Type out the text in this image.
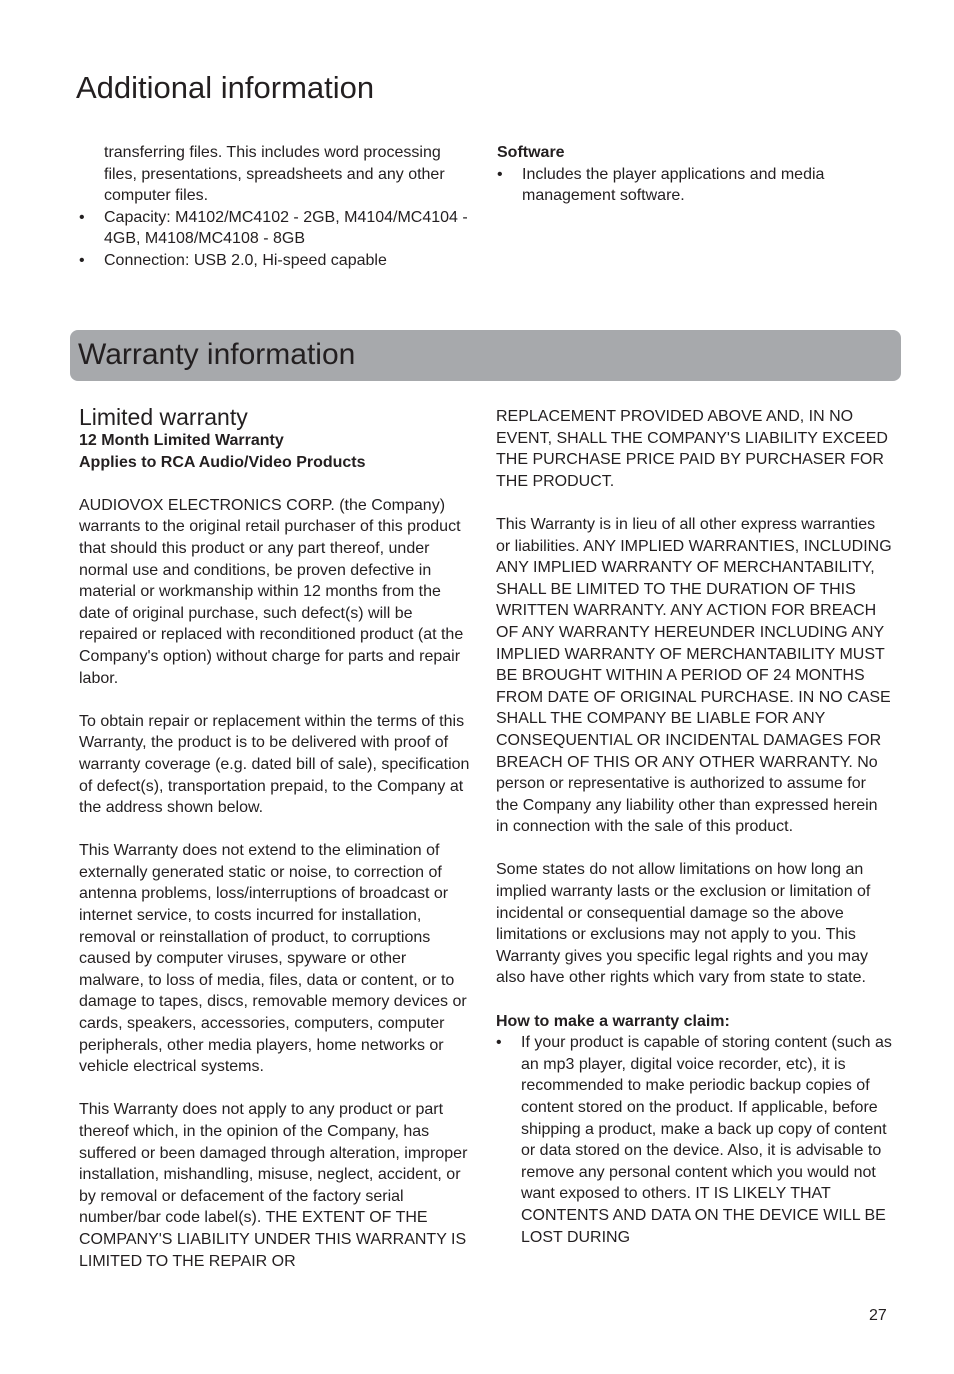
Additional information

transferring files. This includes word processing files, presentations, spreadsheets and any other computer files.

• Capacity: M4102/MC4102 - 2GB, M4104/MC4104 - 4GB, M4108/MC4108 - 8GB
• Connection: USB 2.0, Hi-speed capable

Software

• Includes the player applications and media management software.
Warranty information
Limited warranty

12 Month Limited Warranty

Applies to RCA Audio/Video Products

AUDIOVOX ELECTRONICS CORP. (the Company) warrants to the original retail purchaser of this product that should this product or any part thereof, under normal use and conditions, be proven defective in material or workmanship within 12 months from the date of original purchase, such defect(s) will be repaired or replaced with reconditioned product (at the Company's option) without charge for parts and repair labor.

To obtain repair or replacement within the terms of this Warranty, the product is to be delivered with proof of warranty coverage (e.g. dated bill of sale), specification of defect(s), transportation prepaid, to the Company at the address shown below.

This Warranty does not extend to the elimination of externally generated static or noise, to correction of antenna problems, loss/interruptions of broadcast or internet service, to costs incurred for installation, removal or reinstallation of product, to corruptions caused by computer viruses, spyware or other malware, to loss of media, files, data or content, or to damage to tapes, discs, removable memory devices or cards, speakers, accessories, computers, computer peripherals, other media players, home networks or vehicle electrical systems.

This Warranty does not apply to any product or part thereof which, in the opinion of the Company, has suffered or been damaged through alteration, improper installation, mishandling, misuse, neglect, accident, or by removal or defacement of the factory serial number/bar code label(s). THE EXTENT OF THE COMPANY'S LIABILITY UNDER THIS WARRANTY IS LIMITED TO THE REPAIR OR

REPLACEMENT PROVIDED ABOVE AND, IN NO EVENT, SHALL THE COMPANY'S LIABILITY EXCEED THE PURCHASE PRICE PAID BY PURCHASER FOR THE PRODUCT.

This Warranty is in lieu of all other express warranties or liabilities. ANY IMPLIED WARRANTIES, INCLUDING ANY IMPLIED WARRANTY OF MERCHANTABILITY, SHALL BE LIMITED TO THE DURATION OF THIS WRITTEN WARRANTY. ANY ACTION FOR BREACH OF ANY WARRANTY HEREUNDER INCLUDING ANY IMPLIED WARRANTY OF MERCHANTABILITY MUST BE BROUGHT WITHIN A PERIOD OF 24 MONTHS FROM DATE OF ORIGINAL PURCHASE. IN NO CASE SHALL THE COMPANY BE LIABLE FOR ANY CONSEQUENTIAL OR INCIDENTAL DAMAGES FOR BREACH OF THIS OR ANY OTHER WARRANTY. No person or representative is authorized to assume for the Company any liability other than expressed herein in connection with the sale of this product.

Some states do not allow limitations on how long an implied warranty lasts or the exclusion or limitation of incidental or consequential damage so the above limitations or exclusions may not apply to you. This Warranty gives you specific legal rights and you may also have other rights which vary from state to state.

How to make a warranty claim:

• If your product is capable of storing content (such as an mp3 player, digital voice recorder, etc), it is recommended to make periodic backup copies of content stored on the product. If applicable, before shipping a product, make a back up copy of content or data stored on the device. Also, it is advisable to remove any personal content which you would not want exposed to others. IT IS LIKELY THAT CONTENTS AND DATA ON THE DEVICE WILL BE LOST DURING
27
